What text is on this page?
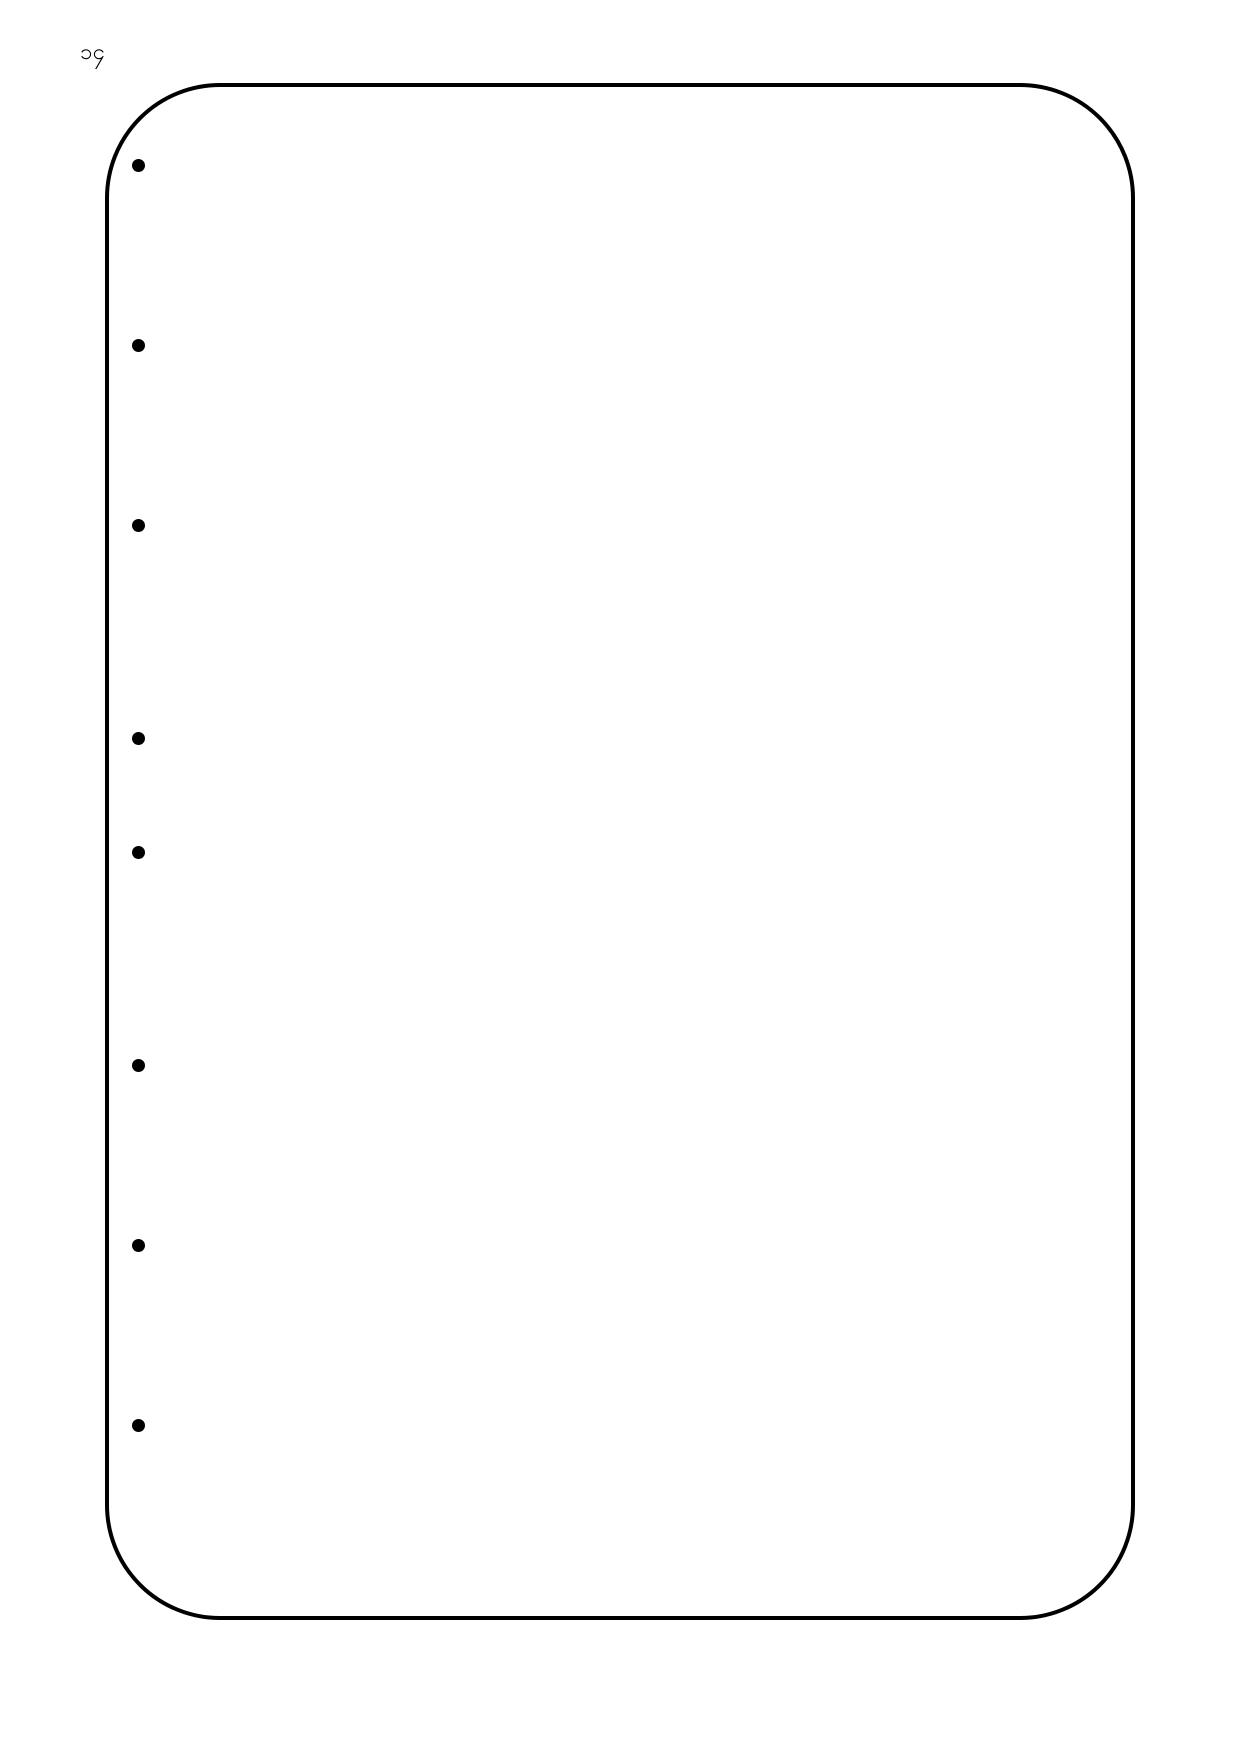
၁၄
